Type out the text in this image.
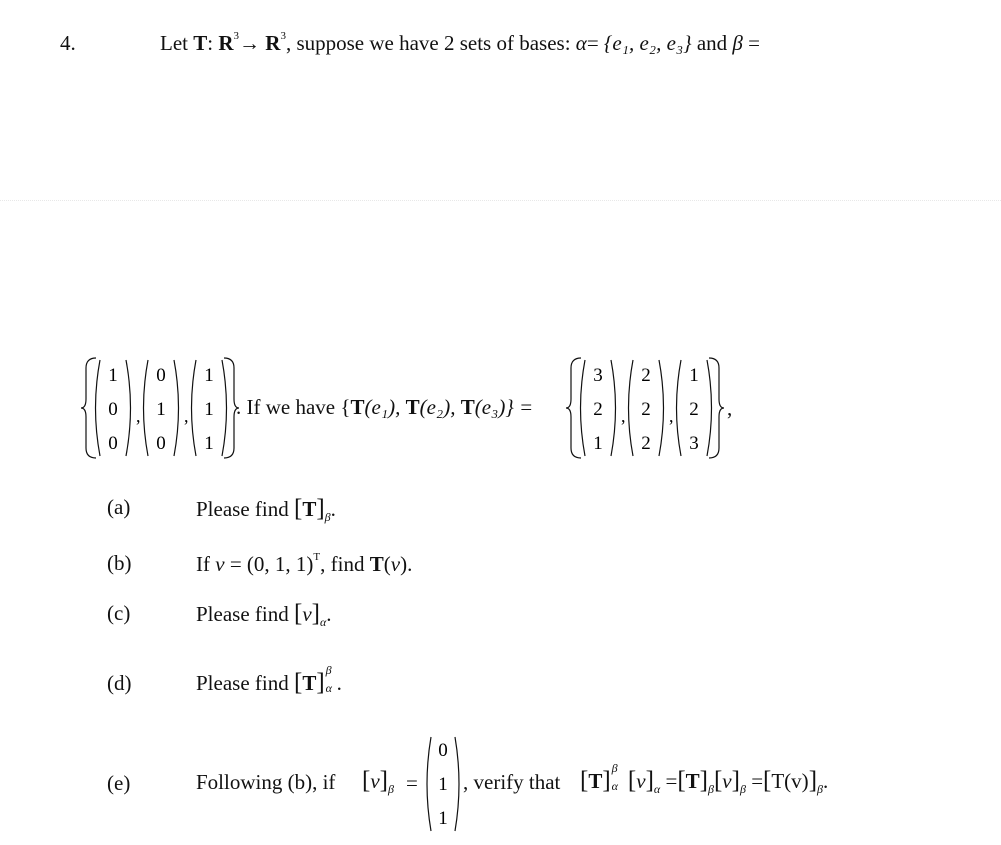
4.	Let T: $R^3\to R^3$, suppose we have 2 sets of bases: α= {e₁, e₂, e₃} and β =
1
0
0
,
0
1
0
,
1
1
1
. If we have {T(e₁), T(e₂), T(e₃)} =
3
2
1
,
2
2
2
,
1
2
3
,
(a)	Please find $[T]_\beta$.
(b)	If v = (0, 1, 1)$^T$, find T(v).
(c)	Please find $[v]_\alpha$.
(d)	Please find [T] β
α .
(e)	Following (b), if $[v]_\beta$ =
0
1
1
, verify that [T] β
α $[v]_\alpha =[T]_\beta[v]_\beta =[T(v)]_\beta$.
